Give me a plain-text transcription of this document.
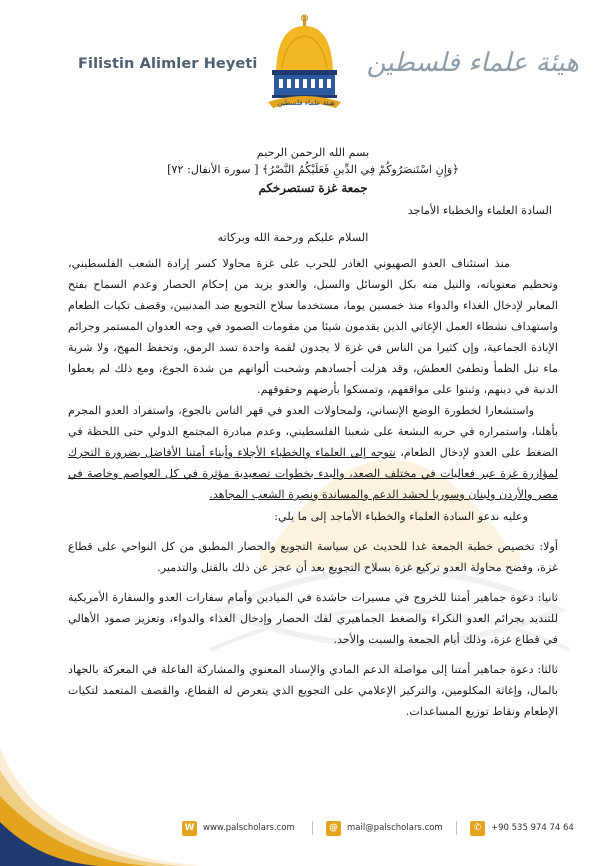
Filistin Alimler Heyeti
هيئة علماء فلسطين
هيئة علماء فلسطين
بسم الله الرحمن الرحيم
﴿وَإِنِ اسْتَنصَرُوكُمْ فِي الدِّينِ فَعَلَيْكُمُ النَّصْرُ﴾ [ سورة الأنفال: ٧٢]
جمعة غزة تستصرخكم
السادة العلماء والخطباء الأماجد
السلام عليكم ورحمة الله وبركاته

منذ استئناف العدو الصهيوني الغادر للحرب على غزة محاولا كسر إرادة الشعب الفلسطيني، وتحطيم معنوياته، والنيل منه بكل الوسائل والسبل، والعدو يزيد من إحكام الحصار وعدم السماح بفتح المعابر لإدخال الغذاء والدواء منذ خمسين يوما، مستخدما سلاح التجويع ضد المدنيين، وقصف تكيات الطعام واستهداف نشطاء العمل الإغاثي الذين يقدمون شيئا من مقومات الصمود في وجه العدوان المستمر وجرائم الإبادة الجماعية، وإن كثيرا من الناس في غزة لا يجدون لقمة واحدة تسد الرمق، وتحفظ المهج، ولا شربة ماء تبل الظمأ وتطفئ العطش، وقد هزلت أجسادهم وشحبت ألوانهم من شدة الجوع، ومع ذلك لم يعطوا الدنية في دينهم، وثبتوا على مواقفهم، وتمسكوا بأرضهم وحقوقهم.

واستشعارا لخطورة الوضع الإنساني، ولمحاولات العدو في قهر الناس بالجوع، واستفراد العدو المجرم بأهلنا، واستمراره في حربه البشعة على شعبنا الفلسطيني، وعدم مبادرة المجتمع الدولي حتى اللحظة في الضغط على العدو لإدخال الطعام، نتوجه إلى العلماء والخطباء الأجلاء وأبناء أمتنا الأفاضل بضرورة التحرك لمؤازرة غزة عبر فعاليات في مختلف الصعد، والبدء بخطوات تصعيدية مؤثرة في كل العواصم وخاصة في مصر والأردن ولبنان وسوريا لحشد الدعم والمساندة ونصرة الشعب المجاهد.

وعليه ندعو السادة العلماء والخطباء الأماجد إلى ما يلي:

أولا: تخصيص خطبة الجمعة غدا للحديث عن سياسة التجويع والحصار المطبق من كل النواحي على قطاع غزة، وفضح محاولة العدو تركيع غزة بسلاح التجويع بعد أن عجز عن ذلك بالقتل والتدمير.

ثانيا: دعوة جماهير أمتنا للخروج في مسيرات حاشدة في الميادين وأمام سفارات العدو والسفارة الأمريكية للتنديد بجرائم العدو النكراء والضغط الجماهيري لفك الحصار وإدخال الغذاء والدواء، وتعزيز صمود الأهالي في قطاع غزة، وذلك أيام الجمعة والسبت والأحد.

ثالثا: دعوة جماهير أمتنا إلى مواصلة الدعم المادي والإسناد المعنوي والمشاركة الفاعلة في المعركة بالجهاد بالمال، وإغاثة المكلومين، والتركيز الإعلامي على التجويع الذي يتعرض له القطاع، والقصف المتعمد لتكيات الإطعام ونقاط توزيع المساعدات.

W www.palscholars.com	@	mail@palscholars.com	✆	+90 535 974 74 64
